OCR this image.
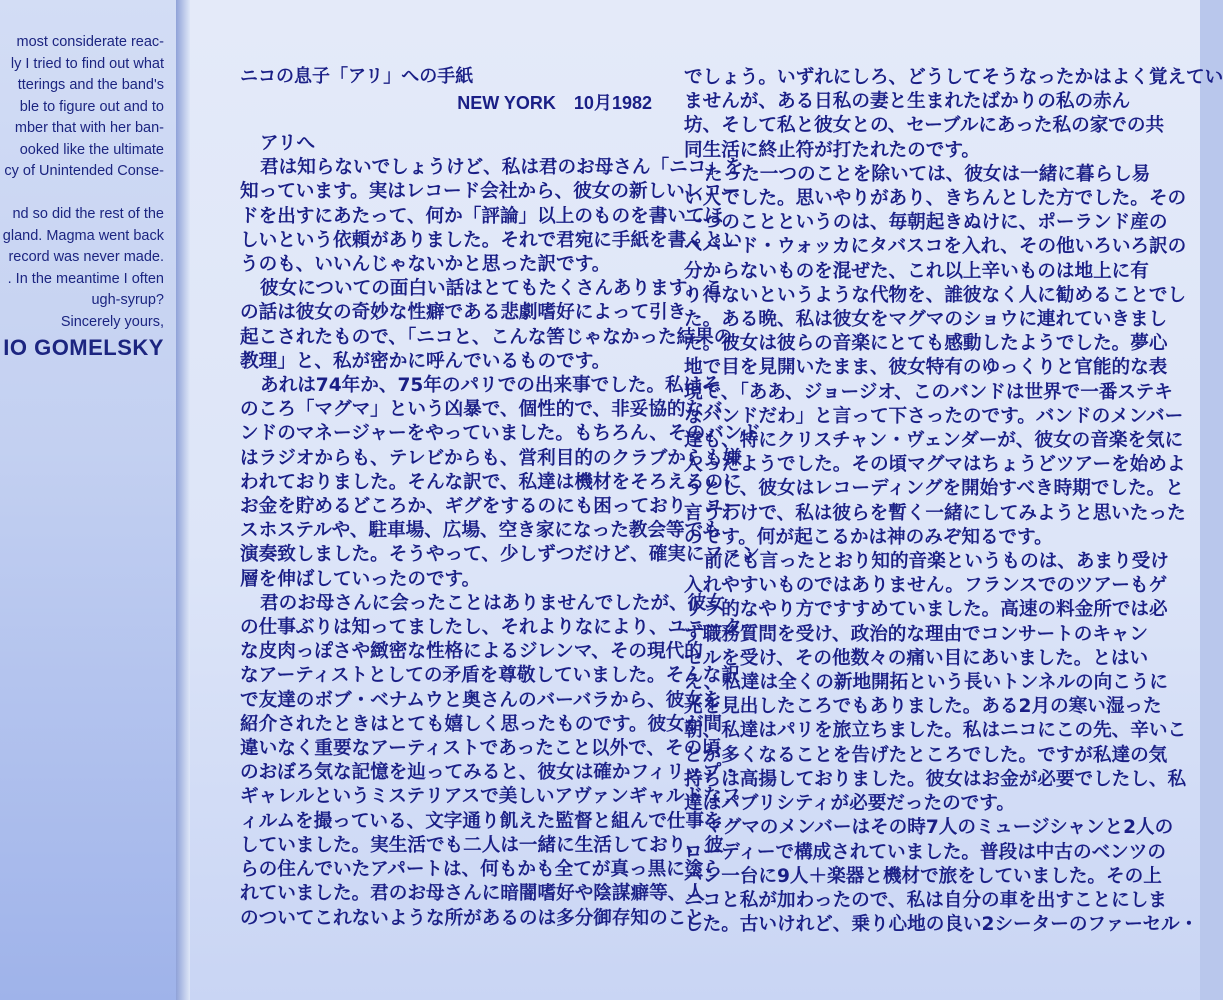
most considerate reac-
ly I tried to find out what
tterings and the band's
ble to figure out and to
mber that with her ban-
ooked like the ultimate
cy of Unintended Conse-
nd so did the rest of the
gland. Magma went back
record was never made.
. In the meantime I often
ugh-syrup?
Sincerely yours,
IO GOMELSKY
ニコの息子「アリ」への手紙
NEW YORK　10月1982
アリへ
君は知らないでしょうけど、私は君のお母さん「ニコ」を
知っています。実はレコード会社から、彼女の新しいレコー
ドを出すにあたって、何か「評論」以上のものを書いてほ
しいという依頼がありました。それで君宛に手紙を書くとい
うのも、いいんじゃないかと思った訳です。
彼女についての面白い話はとてもたくさんあります。こ
の話は彼女の奇妙な性癖である悲劇嗜好によって引き
起こされたもので、「ニコと、こんな筈じゃなかった結果の
教理」と、私が密かに呼んでいるものです。
あれは74年か、75年のパリでの出来事でした。私はそ
のころ「マグマ」という凶暴で、個性的で、非妥協的なバ
ンドのマネージャーをやっていました。もちろん、そのバンド
はラジオからも、テレビからも、営利目的のクラブからも嫌
われておりました。そんな訳で、私達は機材をそろえるのに
お金を貯めるどころか、ギグをするのにも困っており、ユー
スホステルや、駐車場、広場、空き家になった教会等でも
演奏致しました。そうやって、少しずつだけど、確実にファン
層を伸ばしていったのです。
君のお母さんに会ったことはありませんでしたが、彼女
の仕事ぶりは知ってましたし、それよりなにより、ユニーク
な皮肉っぽさや緻密な性格によるジレンマ、その現代的
なアーティストとしての矛盾を尊敬していました。そんな訳
で友達のボブ・ベナムウと奥さんのバーバラから、彼女を
紹介されたときはとても嬉しく思ったものです。彼女が間
違いなく重要なアーティストであったこと以外で、その頃
のおぼろ気な記憶を辿ってみると、彼女は確かフィリップ・
ギャレルというミステリアスで美しいアヴァンギャルドなフ
ィルムを撮っている、文字通り飢えた監督と組んで仕事を
していました。実生活でも二人は一緒に生活しており、彼
らの住んでいたアパートは、何もかも全てが真っ黒に塗ら
れていました。君のお母さんに暗闇嗜好や陰謀癖等、人
のついてこれないような所があるのは多分御存知のこと
でしょう。いずれにしろ、どうしてそうなったかはよく覚えてい
ませんが、ある日私の妻と生まれたばかりの私の赤ん
坊、そして私と彼女との、セーブルにあった私の家での共
同生活に終止符が打たれたのです。
たった一つのことを除いては、彼女は一緒に暮らし易
い人でした。思いやりがあり、きちんとした方でした。その
一つのことというのは、毎朝起きぬけに、ポーランド産の
ペパード・ウォッカにタバスコを入れ、その他いろいろ訳の
分からないものを混ぜた、これ以上辛いものは地上に有
り得ないというような代物を、誰彼なく人に勧めることでし
た。ある晩、私は彼女をマグマのショウに連れていきまし
た。彼女は彼らの音楽にとても感動したようでした。夢心
地で目を見開いたまま、彼女特有のゆっくりと官能的な表
現で、「ああ、ジョージオ、このバンドは世界で一番ステキ
なバンドだわ」と言って下さったのです。バンドのメンバー
達も、特にクリスチャン・ヴェンダーが、彼女の音楽を気に
入ったようでした。その頃マグマはちょうどツアーを始めよ
うとし、彼女はレコーディングを開始すべき時期でした。と
言うわけで、私は彼らを暫く一緒にしてみようと思いたった
のです。何が起こるかは神のみぞ知るです。
前にも言ったとおり知的音楽というものは、あまり受け
入れやすいものではありません。フランスでのツアーもゲ
リラ的なやり方ですすめていました。高速の料金所では必
ず職務質問を受け、政治的な理由でコンサートのキャン
セルを受け、その他数々の痛い目にあいました。とはい
え、私達は全くの新地開拓という長いトンネルの向こうに
光を見出したころでもありました。ある2月の寒い湿った
朝、私達はパリを旅立ちました。私はニコにこの先、辛いこ
とが多くなることを告げたところでした。ですが私達の気
持ちは高揚しておりました。彼女はお金が必要でしたし、私
達はパブリシティが必要だったのです。
マグマのメンバーはその時7人のミュージシャンと2人の
ローディーで構成されていました。普段は中古のベンツの
バン一台に9人＋楽器と機材で旅をしていました。その上
ニコと私が加わったので、私は自分の車を出すことにしま
した。古いけれど、乗り心地の良い2シーターのファーセル・
